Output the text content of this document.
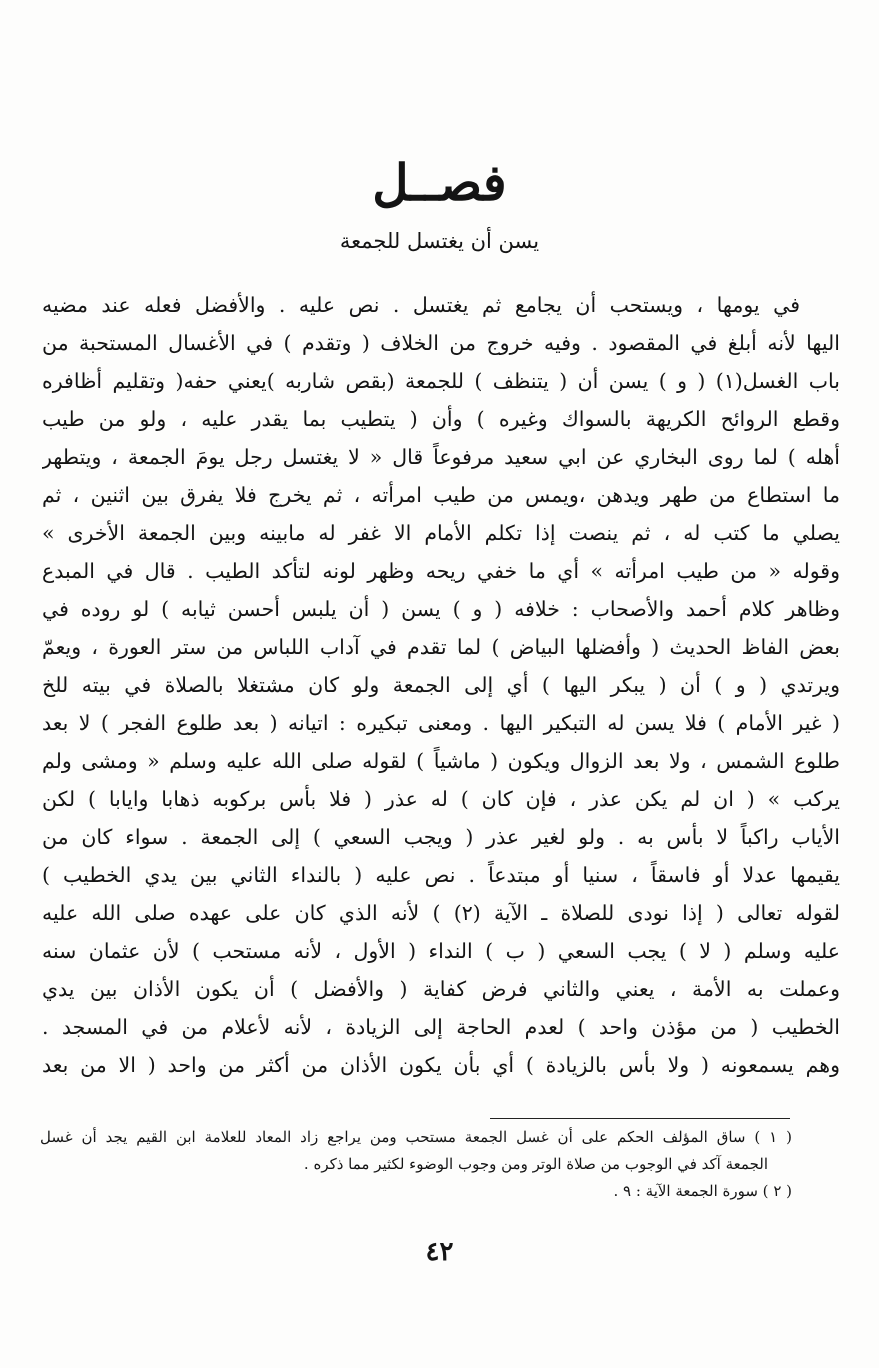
فصــل
يسن أن يغتسل للجمعة
في يومها ، ويستحب أن يجامع ثم يغتسل . نص عليه . والأفضل فعله عند مضيه
اليها لأنه أبلغ في المقصود . وفيه خروج من الخلاف ( وتقدم ) في الأغسال المستحبة من
باب الغسل(١) ( و ) يسن أن ( يتنظف ) للجمعة (بقص شاربه )يعني حفه( وتقليم أظافره
وقطع الروائح الكريهة بالسواك وغيره ) وأن ( يتطيب بما يقدر عليه ، ولو من طيب
أهله ) لما روى البخاري عن ابي سعيد مرفوعاً قال « لا يغتسل رجل يومَ الجمعة ، ويتطهر
ما استطاع من طهر ويدهن ،ويمس من طيب امرأته ، ثم يخرج فلا يفرق بين اثنين ، ثم
يصلي ما كتب له ، ثم ينصت إذا تكلم الأمام الا غفر له مابينه وبين الجمعة الأخرى »
وقوله « من طيب امرأته » أي ما خفي ريحه وظهر لونه لتأكد الطيب . قال في المبدع
وظاهر كلام أحمد والأصحاب : خلافه ( و ) يسن ( أن يلبس أحسن ثيابه ) لو روده في
بعض الفاظ الحديث ( وأفضلها البياض ) لما تقدم في آداب اللباس من ستر العورة ، ويعمّ
ويرتدي ( و ) أن ( يبكر اليها ) أي إلى الجمعة ولو كان مشتغلا بالصلاة في بيته للخ
( غير الأمام ) فلا يسن له التبكير اليها . ومعنى تبكيره : اتيانه ( بعد طلوع الفجر ) لا بعد
طلوع الشمس ، ولا بعد الزوال ويكون ( ماشياً ) لقوله صلى الله عليه وسلم « ومشى ولم
يركب » ( ان لم يكن عذر ، فإن كان ) له عذر ( فلا بأس بركوبه ذهابا وايابا ) لكن
الأياب راكباً لا بأس به . ولو لغير عذر ( ويجب السعي ) إلى الجمعة . سواء كان من
يقيمها عدلا أو فاسقاً ، سنيا أو مبتدعاً . نص عليه ( بالنداء الثاني بين يدي الخطيب )
لقوله تعالى ( إذا نودى للصلاة ـ الآية (٢) ) لأنه الذي كان على عهده صلى الله عليه
عليه وسلم ( لا ) يجب السعي ( ب ) النداء ( الأول ، لأنه مستحب ) لأن عثمان سنه
وعملت به الأمة ، يعني والثاني فرض كفاية ( والأفضل ) أن يكون الأذان بين يدي
الخطيب ( من مؤذن واحد ) لعدم الحاجة إلى الزيادة ، لأنه لأعلام من في المسجد .
وهم يسمعونه ( ولا بأس بالزيادة ) أي بأن يكون الأذان من أكثر من واحد ( الا من بعد
( ١ ) ساق المؤلف الحكم على أن غسل الجمعة مستحب ومن يراجع زاد المعاد للعلامة ابن القيم يجد أن غسل
الجمعة آكد في الوجوب من صلاة الوتر ومن وجوب الوضوء لكثير مما ذكره .
( ٢ ) سورة الجمعة الآية : ٩ .
٤٢
